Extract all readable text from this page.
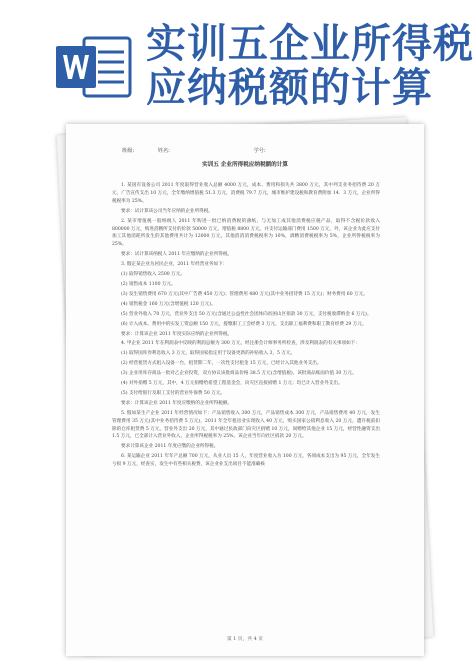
实训五企业所得税
应纳税额的计算
班级:	姓名:	学号:
实训五 企业所得税应纳税额的计算

1. 某国有设备公司 2011 年度取得营业收入总额 4000 万元，成本、费用和损失共 3800 万元，其中列支业务招待费 20 万元，广告宣传支出 10 万元，全年缴纳增值税 51.3 万元，消费税 79.7 万元，城市维护建设税和教育费附加 14．3 万元，企业所得税税率为 25%。

要求：试计算该公司当年应纳的企业所得税。

2. 某市增值税一般纳税人 2011 年购进一批已纳消费税的薄纸，与无加工成其他消费税应税产品，取得不含税价款收入 800000 万元，购进消精所支付的价款 50000 万元，增值税 8800 万元，并支付运输部门费用 1500 万元，外，该企业为此应支付加工其他消耗所发生的其他费用共计为 12000 万元，其他消消消费税税率为 10%，酒精消费税税率为 5%，企业所得税税率为 25%。

要求：试计算该纳税人 2011 年应缴纳的企业所得税。

3. 假定某企业为居民企业，2011 年经营业务如下：

(1) 取得销售收入 2500 万元。

(2) 销售成本 1100 万元。

(3) 发生销售费用 670 万元(其中广告费 450 万元)；管理费用 480 万元(其中业务招待费 15 万元)；财务费用 60 万元。

(4) 销售税金 160 万元(含增值税 120 万元)。

(5) 营业外收入 70 万元，营业外支出 50 万元(含通过公益性社会团体向贫困山区捐款 30 万元，支付税收滞纳金 6 万元)。

(6) 计入成本、费用中的实发工资总额 150 万元，拨缴职工工会经费 3 万元，支出职工福利费和职工教育经费 29 万元。

要求：计算该企业 2011 年度实际应纳的企业所得税。

4. 甲企业 2011 年在利润表中反映的利润总额为 300 万元，经注册会计师事务所检查，涉及利润表的有关事项如下：

(1) 取得国库券利息收入 3 万元，取得国家指定用于设备更新的补贴收入 3，5 万元。

(2) 经营租赁方式租入设备一台，租赁期二年，一次性支付租金 15 万元，已经计入其他业务支出。

(3) 企业用库存商品一批对乙企业投资，双方协议该批商品价格 38.5 万元(含增值税)，该批商品账面价值 30 万元。

(4) 对外捐赠 5 万元，其中，4 万元捐赠给希望工程基金会，向灾区直接捐赠 1 万元；均已计入营业外支出。

(5) 支付给银行及职工支付的营业外保费 50 万元。

要求：计算该企业 2011 年度应缴纳的企业所得税额。

5. 假如某生产企业 2011 年经营情况如下：产品销售收入 300 万元，产品销售成本 300 万元，产品销售费用 40 万元，发生管理费用 35 万元(其中业务招待费 5 万元)，2011 年全年租房业实现收入 40 万元，购买国家公债利息收入 20 万元，遭许税前扣除的仓库租赁费 5 万元，营业外支出 20 万元，其中通过民政部门向灾区捐赠 10 万元，间赠给其他企业 15 万元，经营性融资支出 1.5 万元，已全部计入营业外收入，企业所得税税率为 25%，该企业当年向社区捐款 20 万元。

要求计算该企业 2011 年度应缴的企业所得税。

6. 某运输企业 2011 年年产总额 700 万元，从业人员 15 人，年度营业收入为 100 万元，各项成本支出为 95 万元，全年发生亏损 9 万元，经查实，发生中有些相关税费，该企业业支出项目不能准确核

第 1 页，共 4 页
